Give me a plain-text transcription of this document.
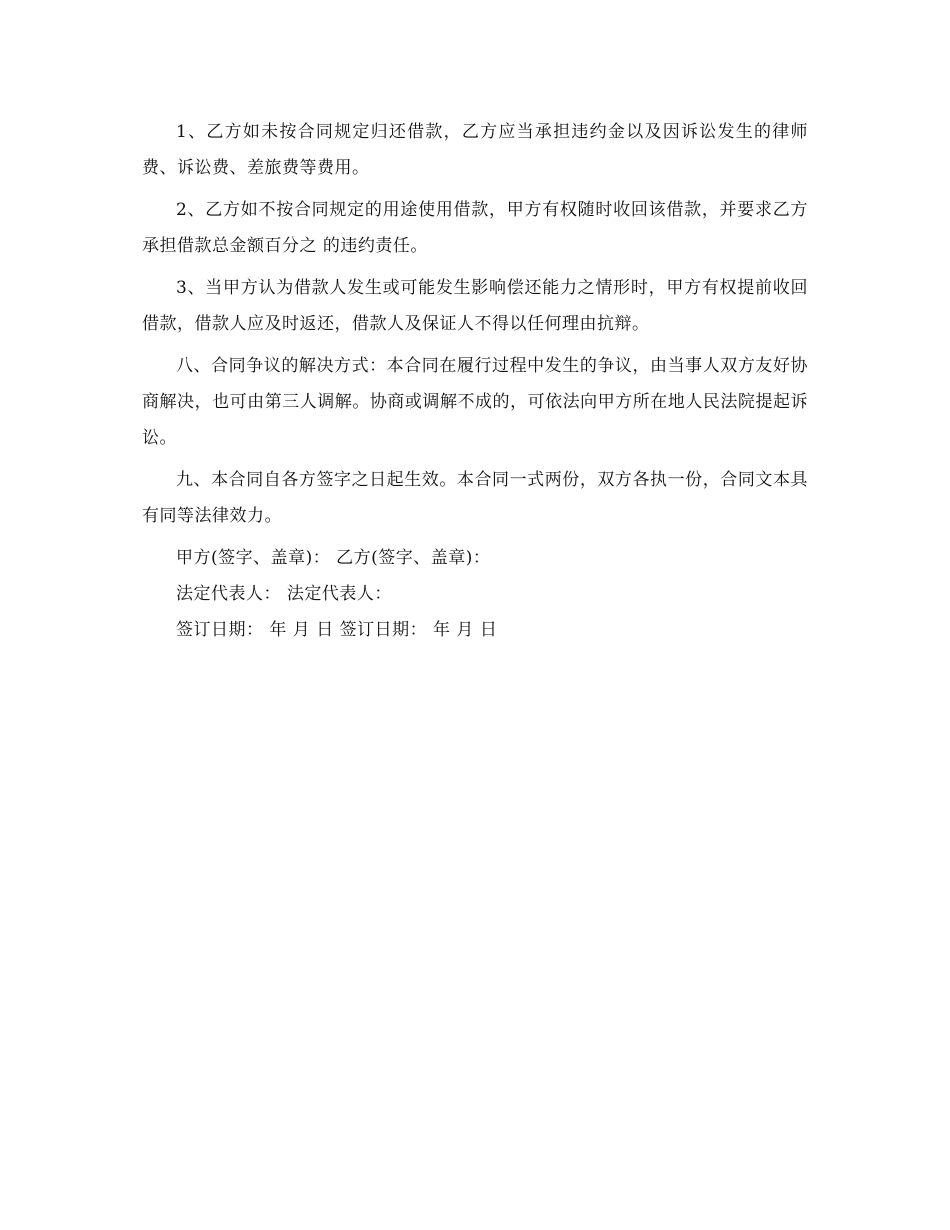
1、乙方如未按合同规定归还借款，乙方应当承担违约金以及因诉讼发生的律师费、诉讼费、差旅费等费用。

2、乙方如不按合同规定的用途使用借款，甲方有权随时收回该借款，并要求乙方承担借款总金额百分之 的违约责任。

3、当甲方认为借款人发生或可能发生影响偿还能力之情形时，甲方有权提前收回借款，借款人应及时返还，借款人及保证人不得以任何理由抗辩。

八、合同争议的解决方式：本合同在履行过程中发生的争议，由当事人双方友好协商解决，也可由第三人调解。协商或调解不成的，可依法向甲方所在地人民法院提起诉讼。

九、本合同自各方签字之日起生效。本合同一式两份，双方各执一份，合同文本具有同等法律效力。

甲方(签字、盖章)： 乙方(签字、盖章)：

法定代表人： 法定代表人：

签订日期： 年 月 日 签订日期： 年 月 日
